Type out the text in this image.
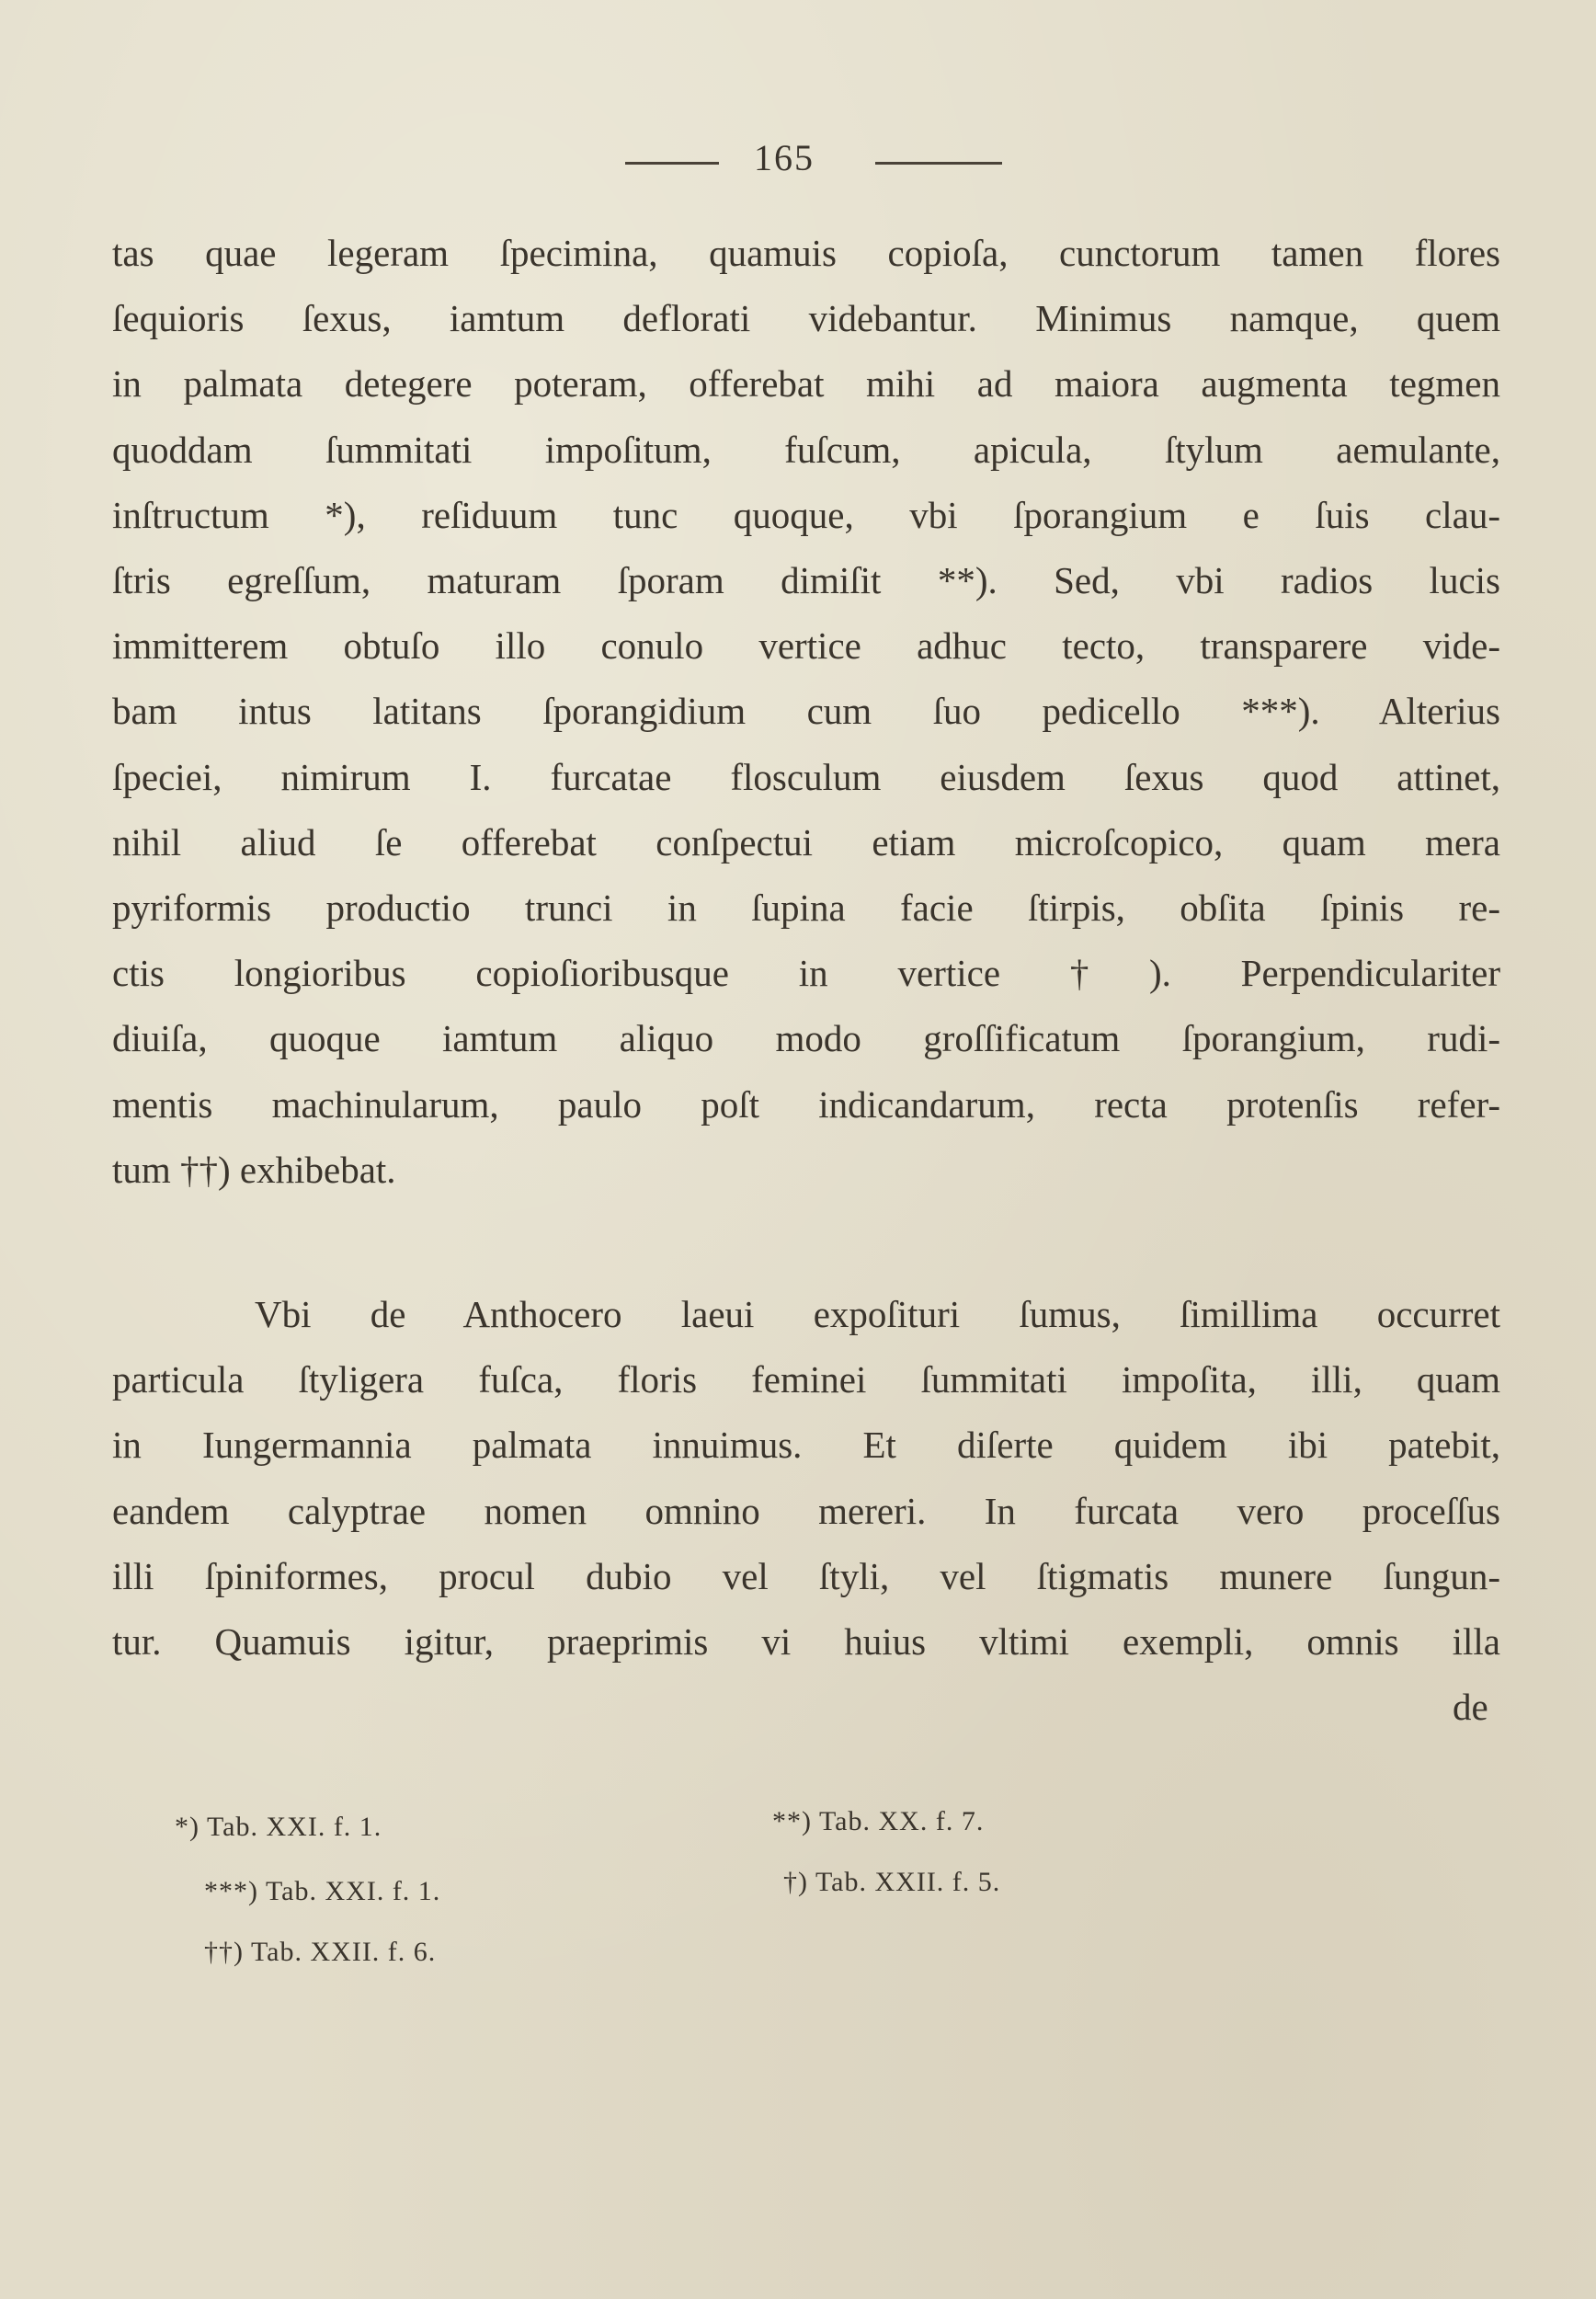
165
tas quae legeram ſpecimina, quamuis copioſa, cunctorum tamen flores
ſequioris ſexus, iamtum deflorati videbantur. Minimus namque, quem
in palmata detegere poteram, offerebat mihi ad maiora augmenta tegmen
quoddam ſummitati impoſitum, fuſcum, apicula, ſtylum aemulante,
inſtructum *), reſiduum tunc quoque, vbi ſporangium e ſuis clau-
ſtris egreſſum, maturam ſporam dimiſit **). Sed, vbi radios lucis
immitterem obtuſo illo conulo vertice adhuc tecto, transparere vide-
bam intus latitans ſporangidium cum ſuo pedicello ***). Alterius
ſpeciei, nimirum I. furcatae flosculum eiusdem ſexus quod attinet,
nihil aliud ſe offerebat conſpectui etiam microſcopico, quam mera
pyriformis productio trunci in ſupina facie ſtirpis, obſita ſpinis re-
ctis longioribus copioſioribusque in vertice †). Perpendiculariter
diuiſa, quoque iamtum aliquo modo groſſificatum ſporangium, rudi-
mentis machinularum, paulo poſt indicandarum, recta protenſis refer-
tum ††) exhibebat.
Vbi de Anthocero laeui expoſituri ſumus, ſimillima occurret
particula ſtyligera fuſca, floris feminei ſummitati impoſita, illi, quam
in Iungermannia palmata innuimus. Et diſerte quidem ibi patebit,
eandem calyptrae nomen omnino mereri. In furcata vero proceſſus
illi ſpiniformes, procul dubio vel ſtyli, vel ſtigmatis munere ſungun-
tur. Quamuis igitur, praeprimis vi huius vltimi exempli, omnis illa
de
*) Tab. XXI. f. 1.	**) Tab. XX. f. 7.
***) Tab. XXI. f. 1.	†) Tab. XXII. f. 5.
††) Tab. XXII. f. 6.
